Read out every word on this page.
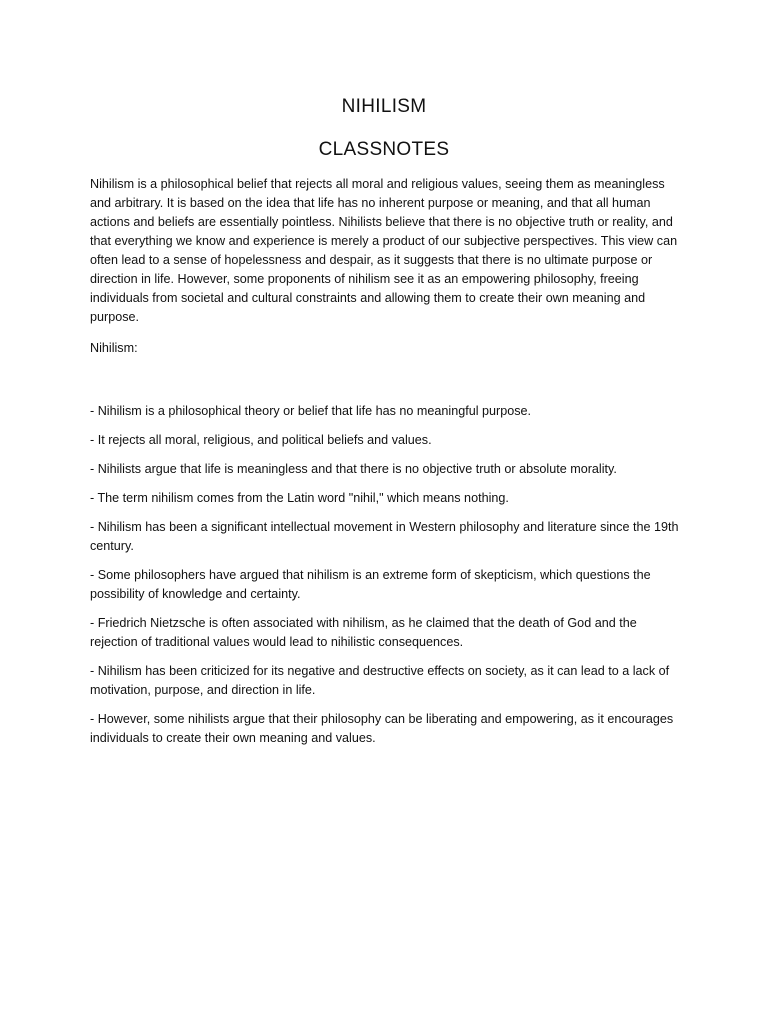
NIHILISM
CLASSNOTES

Nihilism is a philosophical belief that rejects all moral and religious values, seeing them as meaningless and arbitrary. It is based on the idea that life has no inherent purpose or meaning, and that all human actions and beliefs are essentially pointless. Nihilists believe that there is no objective truth or reality, and that everything we know and experience is merely a product of our subjective perspectives. This view can often lead to a sense of hopelessness and despair, as it suggests that there is no ultimate purpose or direction in life. However, some proponents of nihilism see it as an empowering philosophy, freeing individuals from societal and cultural constraints and allowing them to create their own meaning and purpose.

Nihilism:

- Nihilism is a philosophical theory or belief that life has no meaningful purpose.

- It rejects all moral, religious, and political beliefs and values.

- Nihilists argue that life is meaningless and that there is no objective truth or absolute morality.

- The term nihilism comes from the Latin word "nihil," which means nothing.

- Nihilism has been a significant intellectual movement in Western philosophy and literature since the 19th century.

- Some philosophers have argued that nihilism is an extreme form of skepticism, which questions the possibility of knowledge and certainty.

- Friedrich Nietzsche is often associated with nihilism, as he claimed that the death of God and the rejection of traditional values would lead to nihilistic consequences.

- Nihilism has been criticized for its negative and destructive effects on society, as it can lead to a lack of motivation, purpose, and direction in life.

- However, some nihilists argue that their philosophy can be liberating and empowering, as it encourages individuals to create their own meaning and values.
